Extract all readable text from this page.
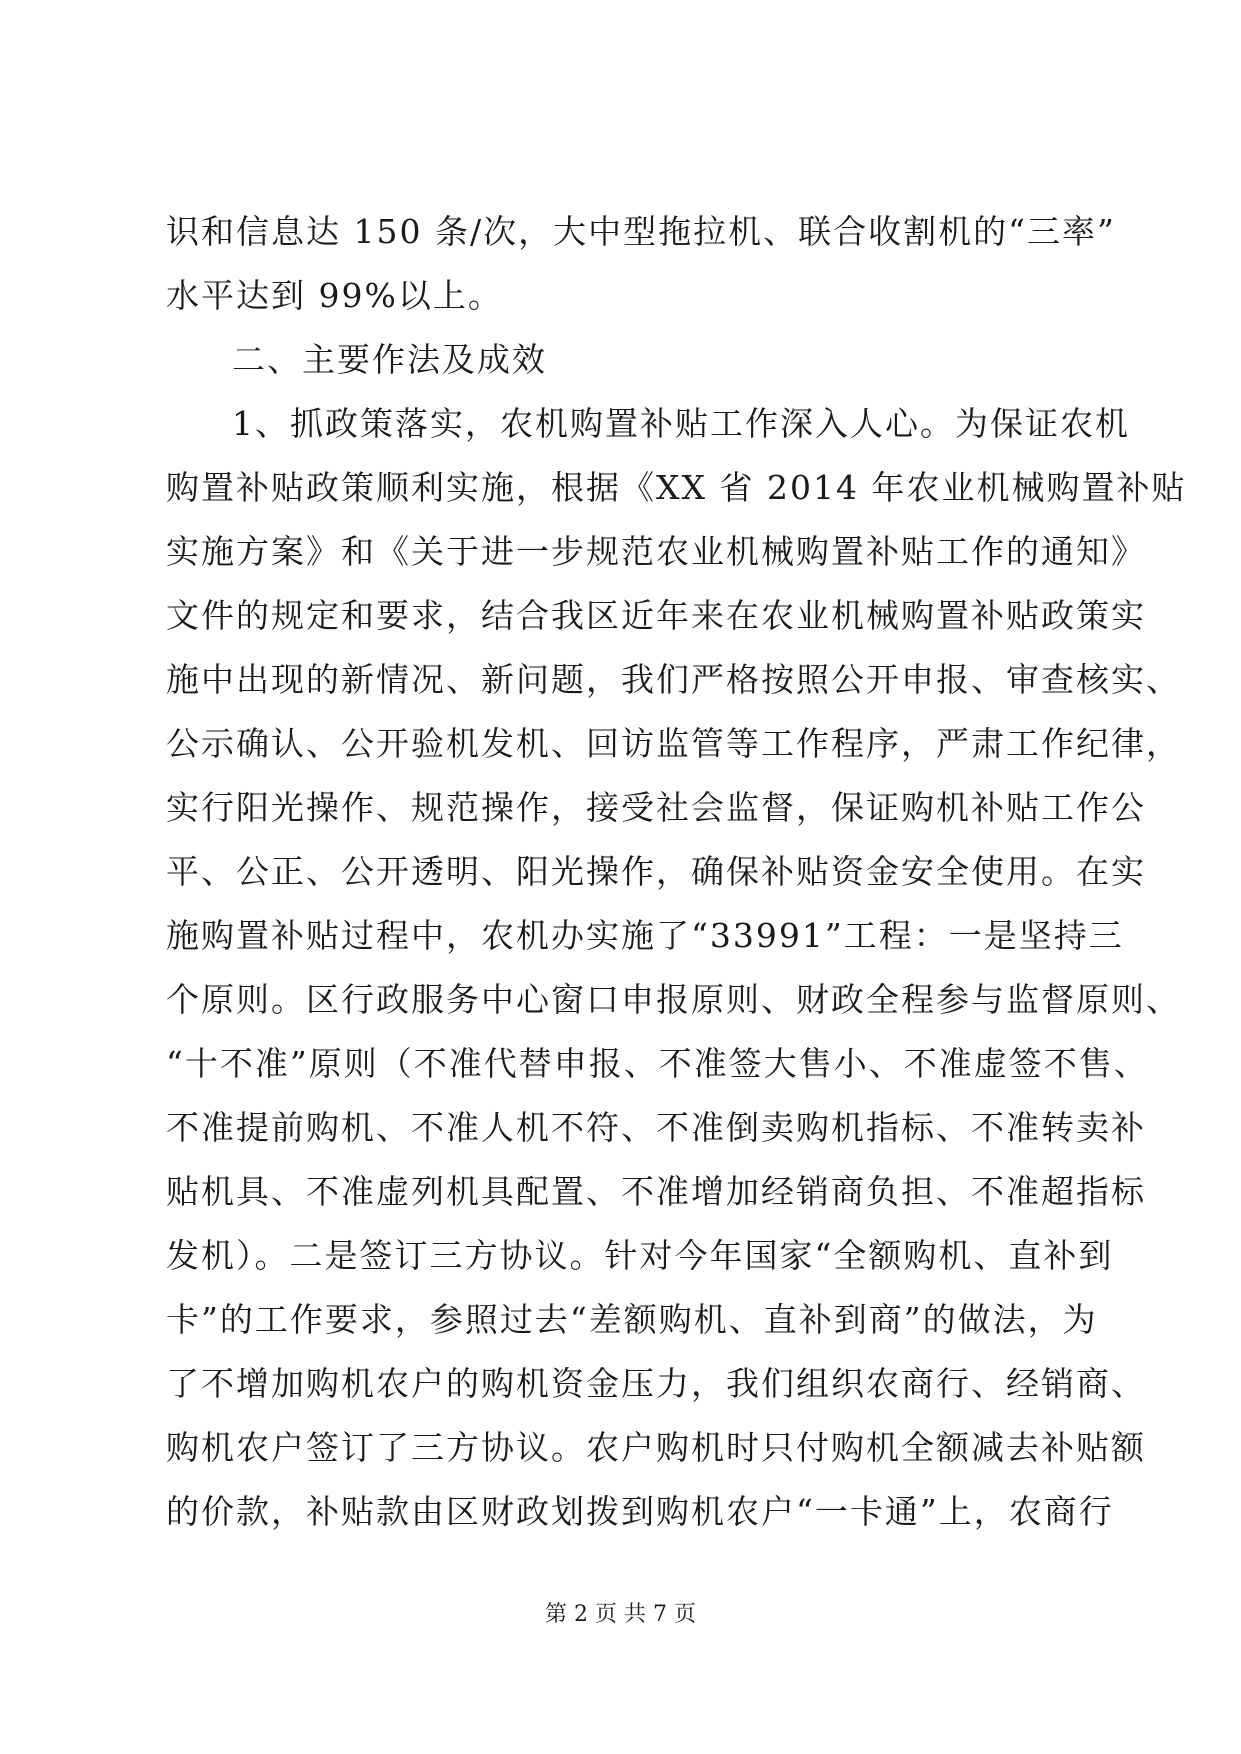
识和信息达 150 条/次，大中型拖拉机、联合收割机的“三率”
水平达到 99%以上。
二、主要作法及成效
1、抓政策落实，农机购置补贴工作深入人心。为保证农机
购置补贴政策顺利实施，根据《XX 省 2014 年农业机械购置补贴
实施方案》和《关于进一步规范农业机械购置补贴工作的通知》
文件的规定和要求，结合我区近年来在农业机械购置补贴政策实
施中出现的新情况、新问题，我们严格按照公开申报、审查核实、
公示确认、公开验机发机、回访监管等工作程序，严肃工作纪律，
实行阳光操作、规范操作，接受社会监督，保证购机补贴工作公
平、公正、公开透明、阳光操作，确保补贴资金安全使用。在实
施购置补贴过程中，农机办实施了“33991”工程：一是坚持三
个原则。区行政服务中心窗口申报原则、财政全程参与监督原则、
“十不准”原则（不准代替申报、不准签大售小、不准虚签不售、
不准提前购机、不准人机不符、不准倒卖购机指标、不准转卖补
贴机具、不准虚列机具配置、不准增加经销商负担、不准超指标
发机）。二是签订三方协议。针对今年国家“全额购机、直补到
卡”的工作要求，参照过去“差额购机、直补到商”的做法，为
了不增加购机农户的购机资金压力，我们组织农商行、经销商、
购机农户签订了三方协议。农户购机时只付购机全额减去补贴额
的价款，补贴款由区财政划拨到购机农户“一卡通”上，农商行
第 2 页 共 7 页
